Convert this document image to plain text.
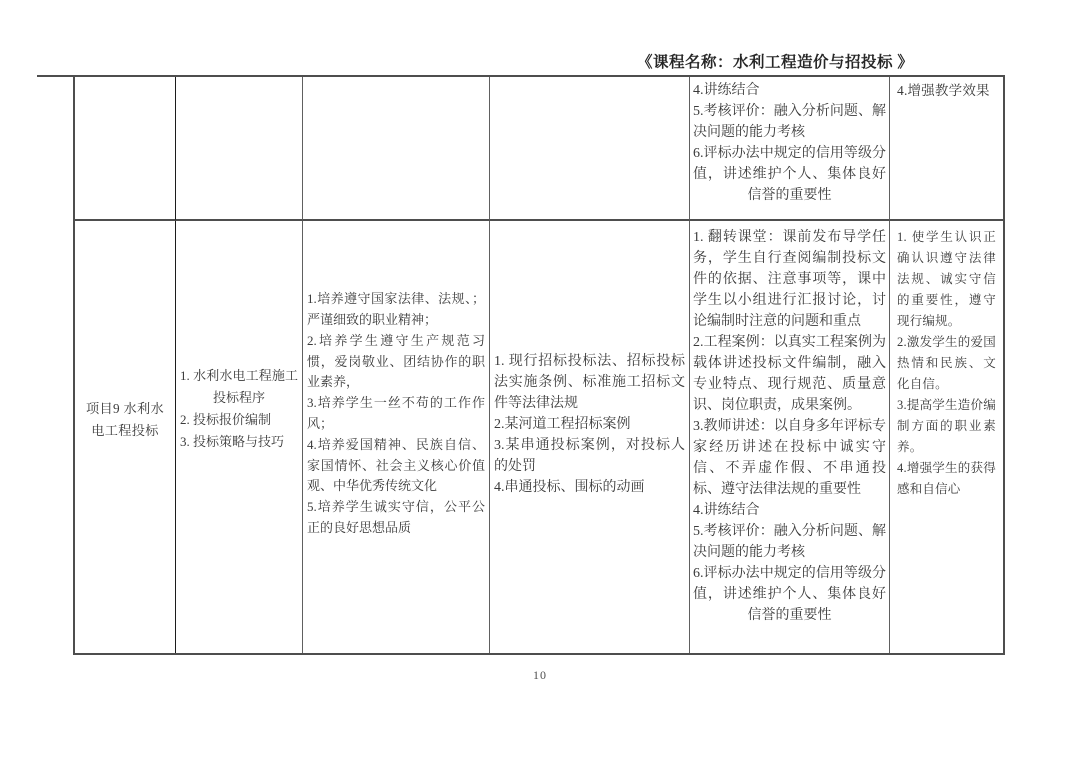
《课程名称：水利工程造价与招投标 》

4.讲练结合

5.考核评价：融入分析问题、解决问题的能力考核

6.评标办法中规定的信用等级分值，讲述维护个人、集体良好信誉的重要性

4.增强教学效果

项目9 水利水电工程投标

1. 水利水电工程施工投标程序

2. 投标报价编制

3. 投标策略与技巧

1.培养遵守国家法律、法规、；严谨细致的职业精神；

2.培养学生遵守生产规范习惯，爱岗敬业、团结协作的职业素养，

3.培养学生一丝不苟的工作作风；

4.培养爱国精神、民族自信、家国情怀、社会主义核心价值观、中华优秀传统文化

5.培养学生诚实守信，公平公正的良好思想品质

1. 现行招标投标法、招标投标法实施条例、标准施工招标文件等法律法规

2.某河道工程招标案例

3.某串通投标案例，对投标人的处罚

4.串通投标、围标的动画

1. 翻转课堂：课前发布导学任务，学生自行查阅编制投标文件的依据、注意事项等，课中学生以小组进行汇报讨论，讨论编制时注意的问题和重点

2.工程案例：以真实工程案例为载体讲述投标文件编制，融入专业特点、现行规范、质量意识、岗位职责，成果案例。

3.教师讲述：以自身多年评标专家经历讲述在投标中诚实守信、不弄虚作假、不串通投标、遵守法律法规的重要性

4.讲练结合

5.考核评价：融入分析问题、解决问题的能力考核

6.评标办法中规定的信用等级分值，讲述维护个人、集体良好信誉的重要性

1. 使学生认识正确认识遵守法律法规、诚实守信的重要性，遵守现行编规。

2.激发学生的爱国热情和民族、文化自信。

3.提高学生造价编制方面的职业素养。

4.增强学生的获得感和自信心

10
